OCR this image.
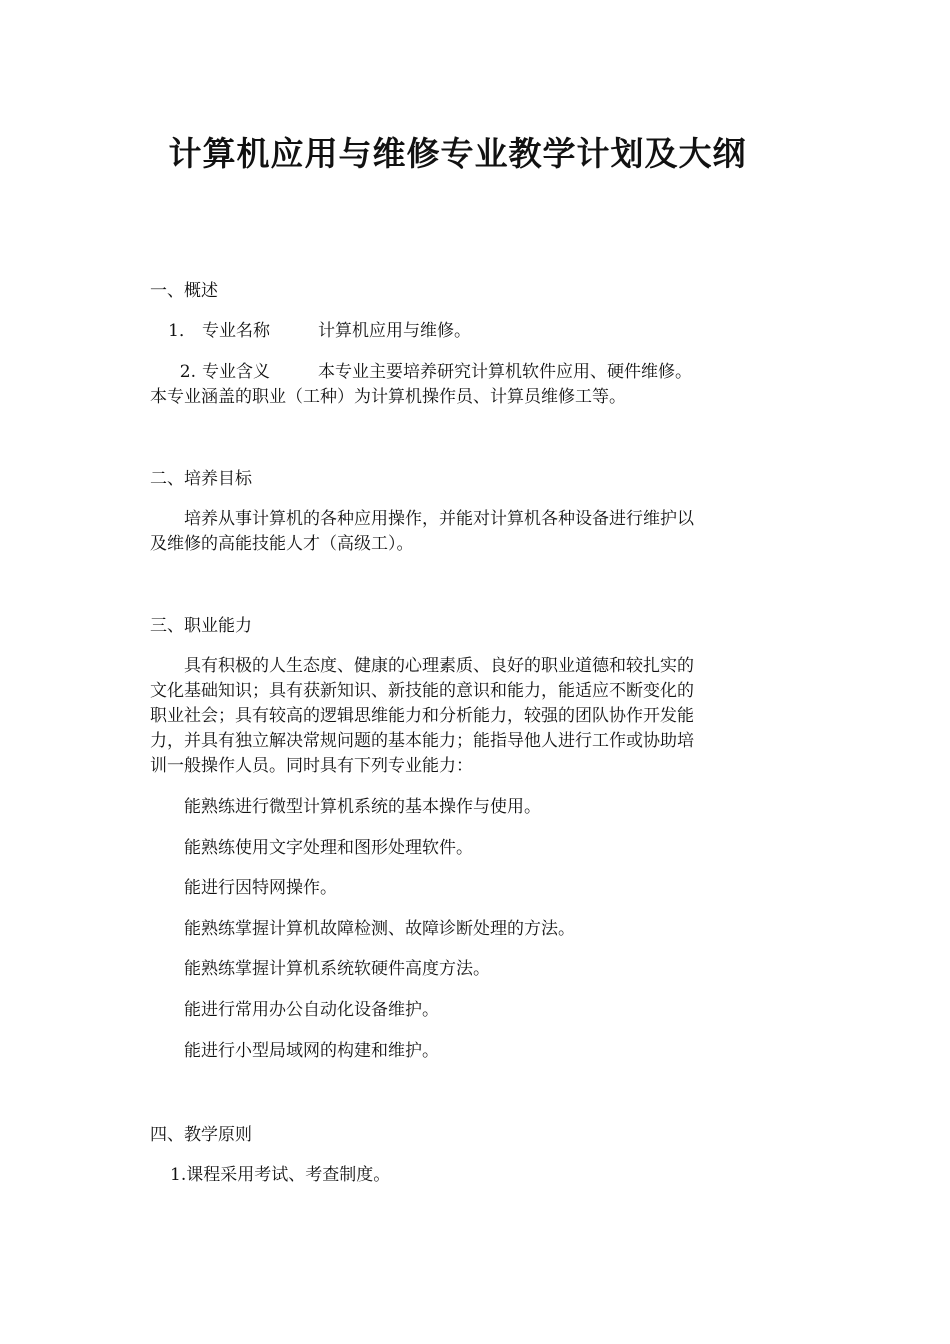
计算机应用与维修专业教学计划及大纲
一、概述
1． 专业名称	计算机应用与维修。
2. 专业含义	本专业主要培养研究计算机软件应用、硬件维修。
本专业涵盖的职业（工种）为计算机操作员、计算员维修工等。
二、培养目标
培养从事计算机的各种应用操作，并能对计算机各种设备进行维护以
及维修的高能技能人才（高级工）。
三、职业能力
具有积极的人生态度、健康的心理素质、良好的职业道德和较扎实的
文化基础知识；具有获新知识、新技能的意识和能力，能适应不断变化的
职业社会；具有较高的逻辑思维能力和分析能力，较强的团队协作开发能
力，并具有独立解决常规问题的基本能力；能指导他人进行工作或协助培
训一般操作人员。同时具有下列专业能力：
能熟练进行微型计算机系统的基本操作与使用。
能熟练使用文字处理和图形处理软件。
能进行因特网操作。
能熟练掌握计算机故障检测、故障诊断处理的方法。
能熟练掌握计算机系统软硬件高度方法。
能进行常用办公自动化设备维护。
能进行小型局域网的构建和维护。
四、教学原则
1.课程采用考试、考查制度。
